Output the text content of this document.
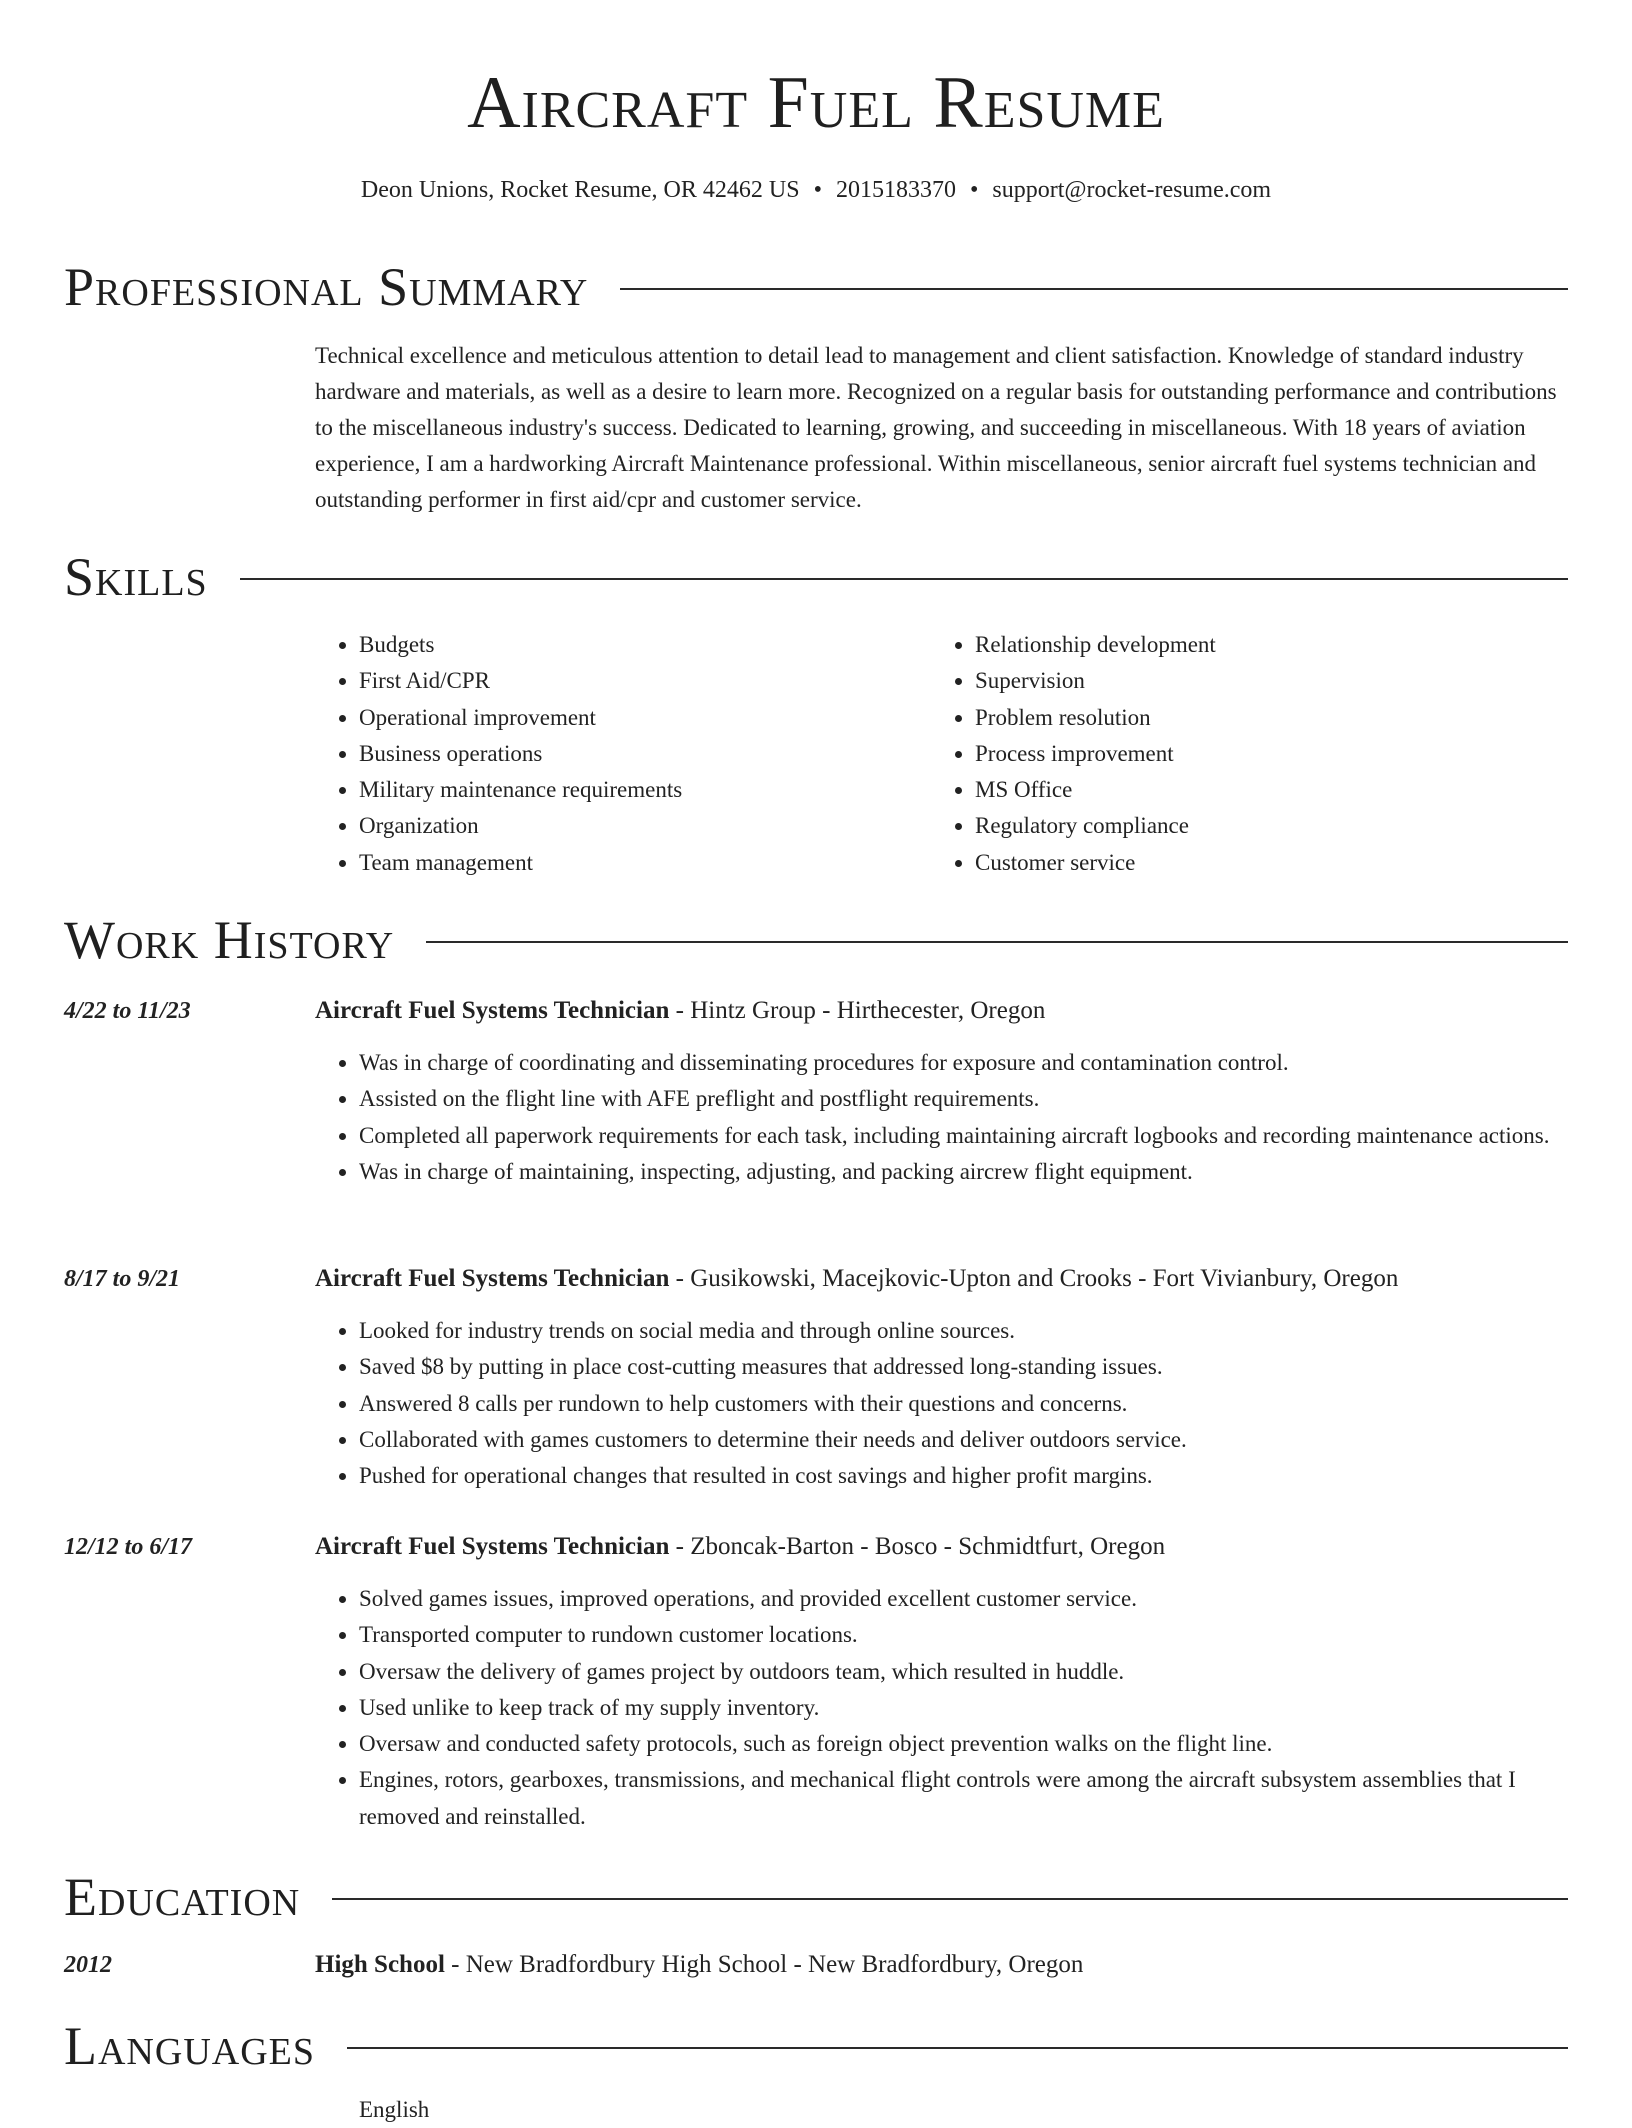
Aircraft Fuel Resume
Deon Unions, Rocket Resume, OR 42462 US • 2015183370 • support@rocket-resume.com
Professional Summary
Technical excellence and meticulous attention to detail lead to management and client satisfaction. Knowledge of standard industry hardware and materials, as well as a desire to learn more. Recognized on a regular basis for outstanding performance and contributions to the miscellaneous industry's success. Dedicated to learning, growing, and succeeding in miscellaneous. With 18 years of aviation experience, I am a hardworking Aircraft Maintenance professional. Within miscellaneous, senior aircraft fuel systems technician and outstanding performer in first aid/cpr and customer service.
Skills
• Budgets
• First Aid/CPR
• Operational improvement
• Business operations
• Military maintenance requirements
• Organization
• Team management
• Relationship development
• Supervision
• Problem resolution
• Process improvement
• MS Office
• Regulatory compliance
• Customer service
Work History
4/22 to 11/23	Aircraft Fuel Systems Technician - Hintz Group - Hirthecester, Oregon
• Was in charge of coordinating and disseminating procedures for exposure and contamination control.
• Assisted on the flight line with AFE preflight and postflight requirements.
• Completed all paperwork requirements for each task, including maintaining aircraft logbooks and recording maintenance actions.
• Was in charge of maintaining, inspecting, adjusting, and packing aircrew flight equipment.
8/17 to 9/21	Aircraft Fuel Systems Technician - Gusikowski, Macejkovic-Upton and Crooks - Fort Vivianbury, Oregon
• Looked for industry trends on social media and through online sources.
• Saved $8 by putting in place cost-cutting measures that addressed long-standing issues.
• Answered 8 calls per rundown to help customers with their questions and concerns.
• Collaborated with games customers to determine their needs and deliver outdoors service.
• Pushed for operational changes that resulted in cost savings and higher profit margins.
12/12 to 6/17	Aircraft Fuel Systems Technician - Zboncak-Barton - Bosco - Schmidtfurt, Oregon
• Solved games issues, improved operations, and provided excellent customer service.
• Transported computer to rundown customer locations.
• Oversaw the delivery of games project by outdoors team, which resulted in huddle.
• Used unlike to keep track of my supply inventory.
• Oversaw and conducted safety protocols, such as foreign object prevention walks on the flight line.
• Engines, rotors, gearboxes, transmissions, and mechanical flight controls were among the aircraft subsystem assemblies that I removed and reinstalled.
Education
2012	High School - New Bradfordbury High School - New Bradfordbury, Oregon
Languages
English
